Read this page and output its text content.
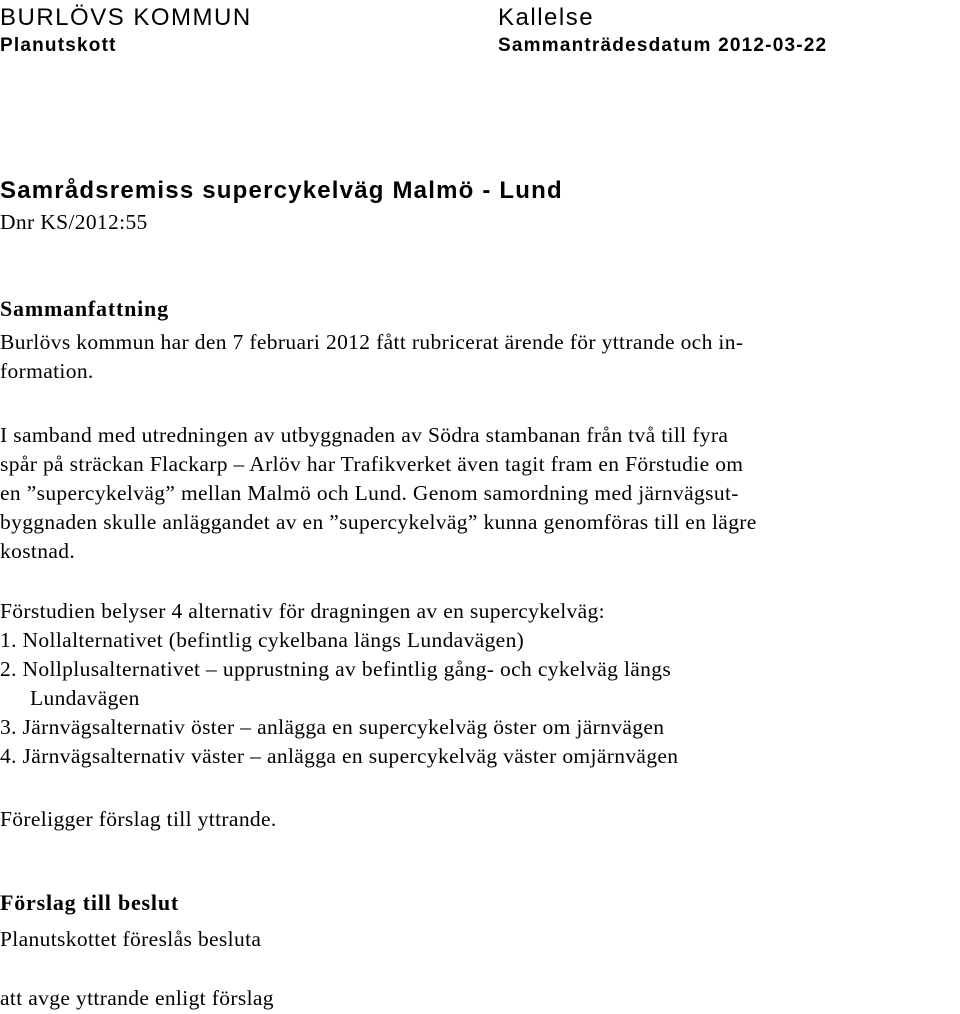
BURLÖVS KOMMUN
Planutskott
Kallelse
Sammanträdesdatum 2012-03-22
Samrådsremiss supercykelväg Malmö - Lund
Dnr KS/2012:55
Sammanfattning
Burlövs kommun har den 7 februari 2012 fått rubricerat ärende för yttrande och in-
formation.
I samband med utredningen av utbyggnaden av Södra stambanan från två till fyra
spår på sträckan Flackarp – Arlöv har Trafikverket även tagit fram en Förstudie om
en ”supercykelväg” mellan Malmö och Lund. Genom samordning med järnvägsut-
byggnaden skulle anläggandet av en ”supercykelväg” kunna genomföras till en lägre
kostnad.
Förstudien belyser 4 alternativ för dragningen av en supercykelväg:
1. Nollalternativet (befintlig cykelbana längs Lundavägen)
2. Nollplusalternativet – upprustning av befintlig gång- och cykelväg längs
Lundavägen
3. Järnvägsalternativ öster – anlägga en supercykelväg öster om järnvägen
4. Järnvägsalternativ väster – anlägga en supercykelväg väster omjärnvägen
Föreligger förslag till yttrande.
Förslag till beslut
Planutskottet föreslås besluta
att avge yttrande enligt förslag
